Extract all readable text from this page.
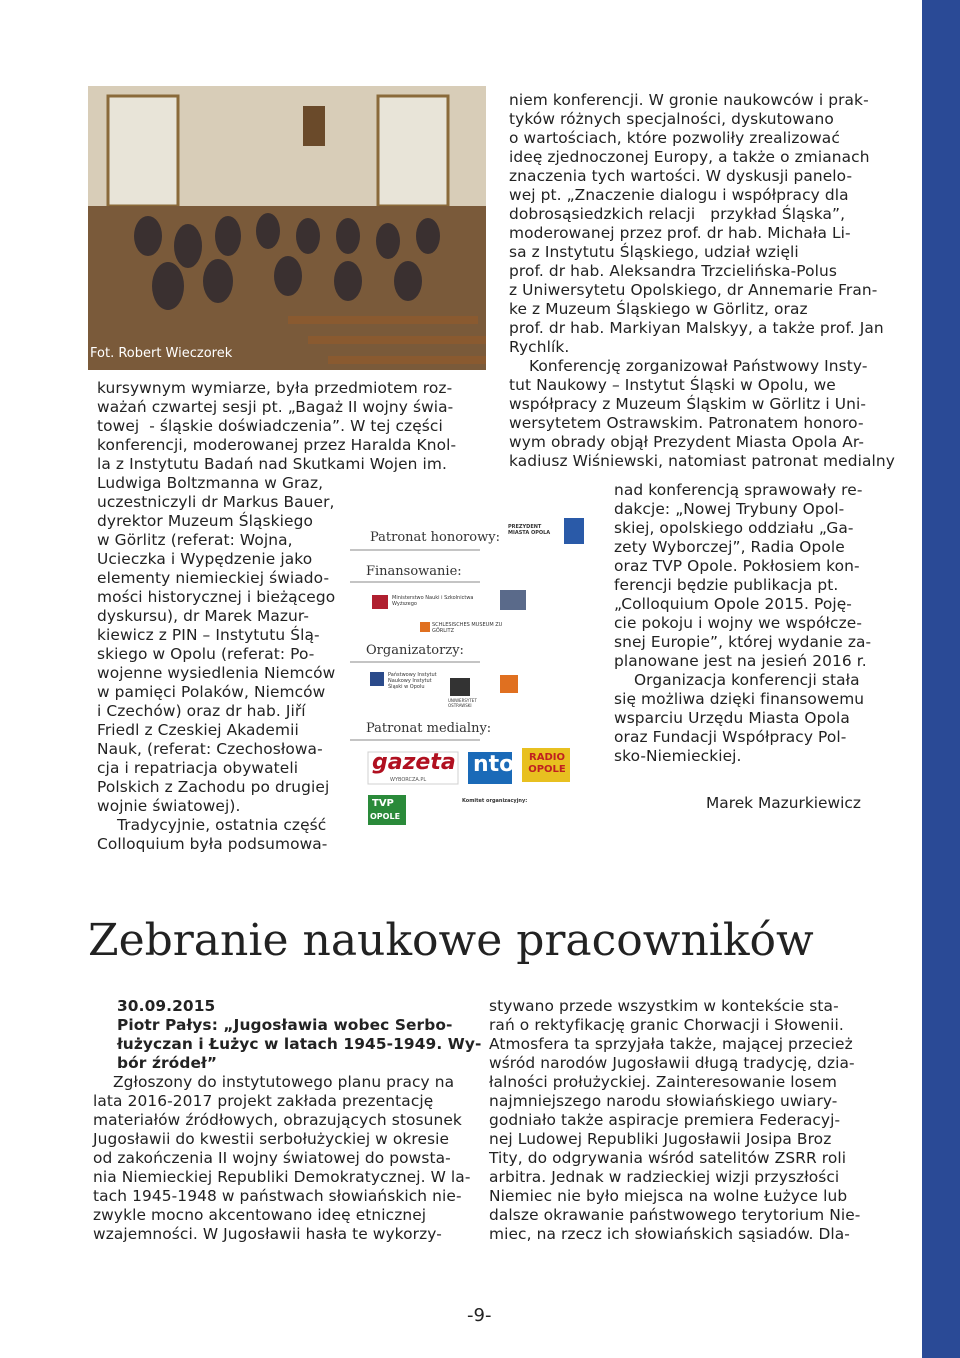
Fot. Robert Wieczorek
kursywnym wymiarze, była przedmiotem roz-
ważań czwartej sesji pt. „Bagaż II wojny świa-
towej  - śląskie doświadczenia”. W tej części
konferencji, moderowanej przez Haralda Knol-
la z Instytutu Badań nad Skutkami Wojen im.
Ludwiga Boltzmanna w Graz,
uczestniczyli dr Markus Bauer,
dyrektor Muzeum Śląskiego
w Görlitz (referat: Wojna,
Ucieczka i Wypędzenie jako
elementy niemieckiej świado-
mości historycznej i bieżącego
dyskursu), dr Marek Mazur-
kiewicz z PIN – Instytutu Ślą-
skiego w Opolu (referat: Po-
wojenne wysiedlenia Niemców
w pamięci Polaków, Niemców
i Czechów) oraz dr hab. Jiří
Friedl z Czeskiej Akademii
Nauk, (referat: Czechosłowa-
cja i repatriacja obywateli
Polskich z Zachodu po drugiej
wojnie światowej).
Tradycyjnie, ostatnia część
Colloquium była podsumowa-
Patronat honorowy:
Finansowanie:
Organizatorzy:
Patronat medialny:
PREZYDENT MIASTA OPOLA
Ministerstwo Nauki i Szkolnictwa Wyższego
SCHLESISCHES MUSEUM ZU GÖRLITZ
Państwowy Instytut Naukowy Instytut Śląski w Opolu
UNIWERSYTET OSTRAWSKI
gazeta
WYBORCZA.PL
nto	RADIO OPOLE
TVP
OPOLE
Komitet organizacyjny:
niem konferencji. W gronie naukowców i prak-
tyków różnych specjalności, dyskutowano
o wartościach, które pozwoliły zrealizować
ideę zjednoczonej Europy, a także o zmianach
znaczenia tych wartości. W dyskusji panelo-
wej pt. „Znaczenie dialogu i współpracy dla
dobrosąsiedzkich relacji   przykład Śląska”,
moderowanej przez prof. dr hab. Michała Li-
sa z Instytutu Śląskiego, udział wzięli
prof. dr hab. Aleksandra Trzcielińska-Polus
z Uniwersytetu Opolskiego, dr Annemarie Fran-
ke z Muzeum Śląskiego w Görlitz, oraz
prof. dr hab. Markiyan Malskyy, a także prof. Jan
Rychlík.
Konferencję zorganizował Państwowy Insty-
tut Naukowy – Instytut Śląski w Opolu, we
współpracy z Muzeum Śląskim w Görlitz i Uni-
wersytetem Ostrawskim. Patronatem honoro-
wym obrady objął Prezydent Miasta Opola Ar-
kadiusz Wiśniewski, natomiast patronat medialny
nad konferencją sprawowały re-
dakcje: „Nowej Trybuny Opol-
skiej, opolskiego oddziału „Ga-
zety Wyborczej”, Radia Opole
oraz TVP Opole. Pokłosiem kon-
ferencji będzie publikacja pt.
„Colloquium Opole 2015. Poję-
cie pokoju i wojny we współcze-
snej Europie”, której wydanie za-
planowane jest na jesień 2016 r.
Organizacja konferencji stała
się możliwa dzięki finansowemu
wsparciu Urzędu Miasta Opola
oraz Fundacji Współpracy Pol-
sko-Niemieckiej.
Marek Mazurkiewicz
Zebranie naukowe pracowników
30.09.2015
Piotr Pałys: „Jugosławia wobec Serbo-
łużyczan i Łużyc w latach 1945-1949. Wy-
bór źródeł”
Zgłoszony do instytutowego planu pracy na
lata 2016-2017 projekt zakłada prezentację
materiałów źródłowych, obrazujących stosunek
Jugosławii do kwestii serbołużyckiej w okresie
od zakończenia II wojny światowej do powsta-
nia Niemieckiej Republiki Demokratycznej. W la-
tach 1945-1948 w państwach słowiańskich nie-
zwykle mocno akcentowano ideę etnicznej
wzajemności. W Jugosławii hasła te wykorzy-
stywano przede wszystkim w kontekście sta-
rań o rektyfikację granic Chorwacji i Słowenii.
Atmosfera ta sprzyjała także, mającej przecież
wśród narodów Jugosławii długą tradycję, dzia-
łalności prołużyckiej. Zainteresowanie losem
najmniejszego narodu słowiańskiego uwiary-
godniało także aspiracje premiera Federacyj-
nej Ludowej Republiki Jugosławii Josipa Broz
Tity, do odgrywania wśród satelitów ZSRR roli
arbitra. Jednak w radzieckiej wizji przyszłości
Niemiec nie było miejsca na wolne Łużyce lub
dalsze okrawanie państwowego terytorium Nie-
miec, na rzecz ich słowiańskich sąsiadów. Dla-
-9-
